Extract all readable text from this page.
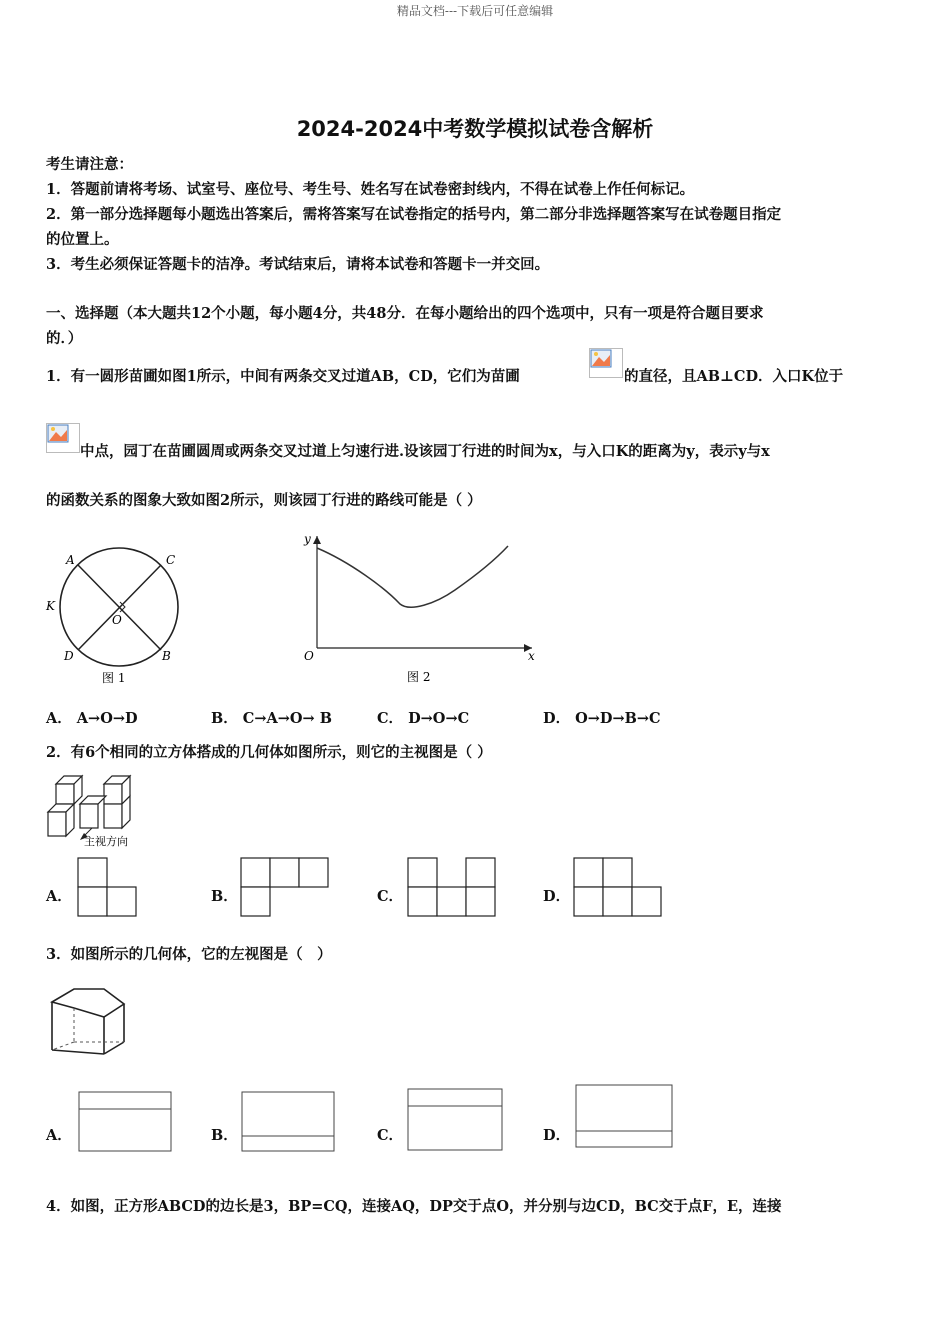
精品文档---下载后可任意编辑
2024-2024中考数学模拟试卷含解析
考生请注意：
1．答题前请将考场、试室号、座位号、考生号、姓名写在试卷密封线内，不得在试卷上作任何标记。
2．第一部分选择题每小题选出答案后，需将答案写在试卷指定的括号内，第二部分非选择题答案写在试卷题目指定
的位置上。
3．考生必须保证答题卡的洁净。考试结束后，请将本试卷和答题卡一并交回。
一、选择题（本大题共12个小题，每小题4分，共48分．在每小题给出的四个选项中，只有一项是符合题目要求
的．）
1．有一圆形苗圃如图1所示，中间有两条交叉过道AB，CD，它们为苗圃	的直径，且AB⊥CD．入口K位于
中点，园丁在苗圃圆周或两条交叉过道上匀速行进.设该园丁行进的时间为x，与入口K的距离为y，表示y与x
的函数关系的图象大致如图2所示，则该园丁行进的路线可能是（ ）
A	C
K
O
D	B
图 1
y
x
O
图 2
A． A→O→D	B． C→A→O→ B	C． D→O→C	D． O→D→B→C
2．有6个相同的立方体搭成的几何体如图所示，则它的主视图是（ ）
主视方向
A．	B．	C．	D．
3．如图所示的几何体，它的左视图是（　）
A．	B．	C．	D．
4．如图，正方形ABCD的边长是3，BP=CQ，连接AQ，DP交于点O，并分别与边CD，BC交于点F，E，连接
